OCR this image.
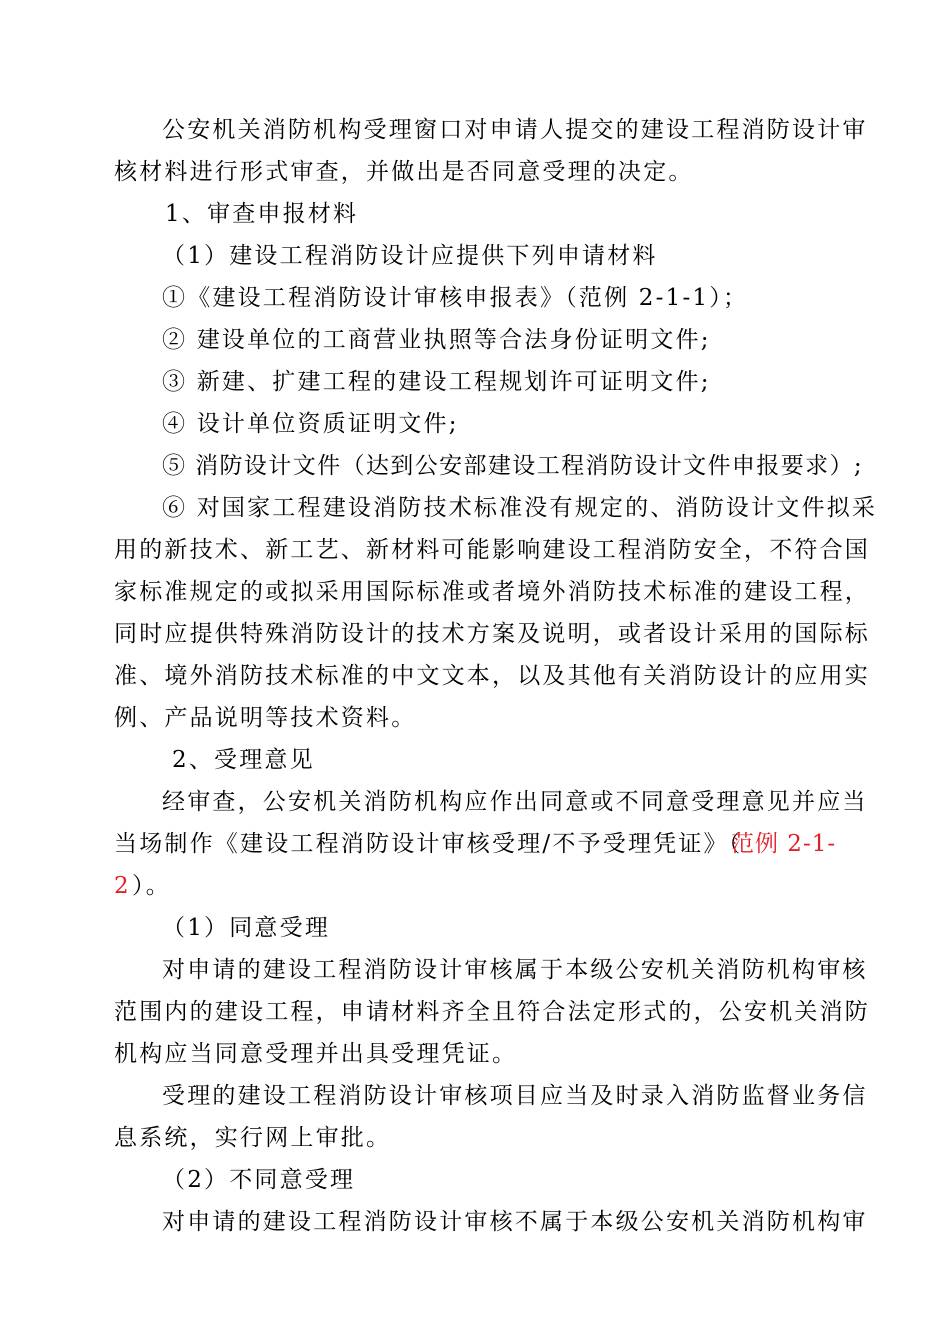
公安机关消防机构受理窗口对申请人提交的建设工程消防设计审
核材料进行形式审查，并做出是否同意受理的决定。
1、审查申报材料
（1）建设工程消防设计应提供下列申请材料
①《建设工程消防设计审核申报表》（范例 2-1-1）；
② 建设单位的工商营业执照等合法身份证明文件;
③ 新建、扩建工程的建设工程规划许可证明文件;
④ 设计单位资质证明文件;
⑤ 消防设计文件（达到公安部建设工程消防设计文件申报要求）;
⑥ 对国家工程建设消防技术标准没有规定的、消防设计文件拟采
用的新技术、新工艺、新材料可能影响建设工程消防安全，不符合国
家标准规定的或拟采用国际标准或者境外消防技术标准的建设工程，
同时应提供特殊消防设计的技术方案及说明，或者设计采用的国际标
准、境外消防技术标准的中文文本，以及其他有关消防设计的应用实
例、产品说明等技术资料。
2、受理意见
经审查，公安机关消防机构应作出同意或不同意受理意见并应当
当场制作《建设工程消防设计审核受理/不予受理凭证》（
范例 2-1-
2 ）。
（1）同意受理
对申请的建设工程消防设计审核属于本级公安机关消防机构审核
范围内的建设工程，申请材料齐全且符合法定形式的，公安机关消防
机构应当同意受理并出具受理凭证。
受理的建设工程消防设计审核项目应当及时录入消防监督业务信
息系统，实行网上审批。
（2）不同意受理
对申请的建设工程消防设计审核不属于本级公安机关消防机构审
